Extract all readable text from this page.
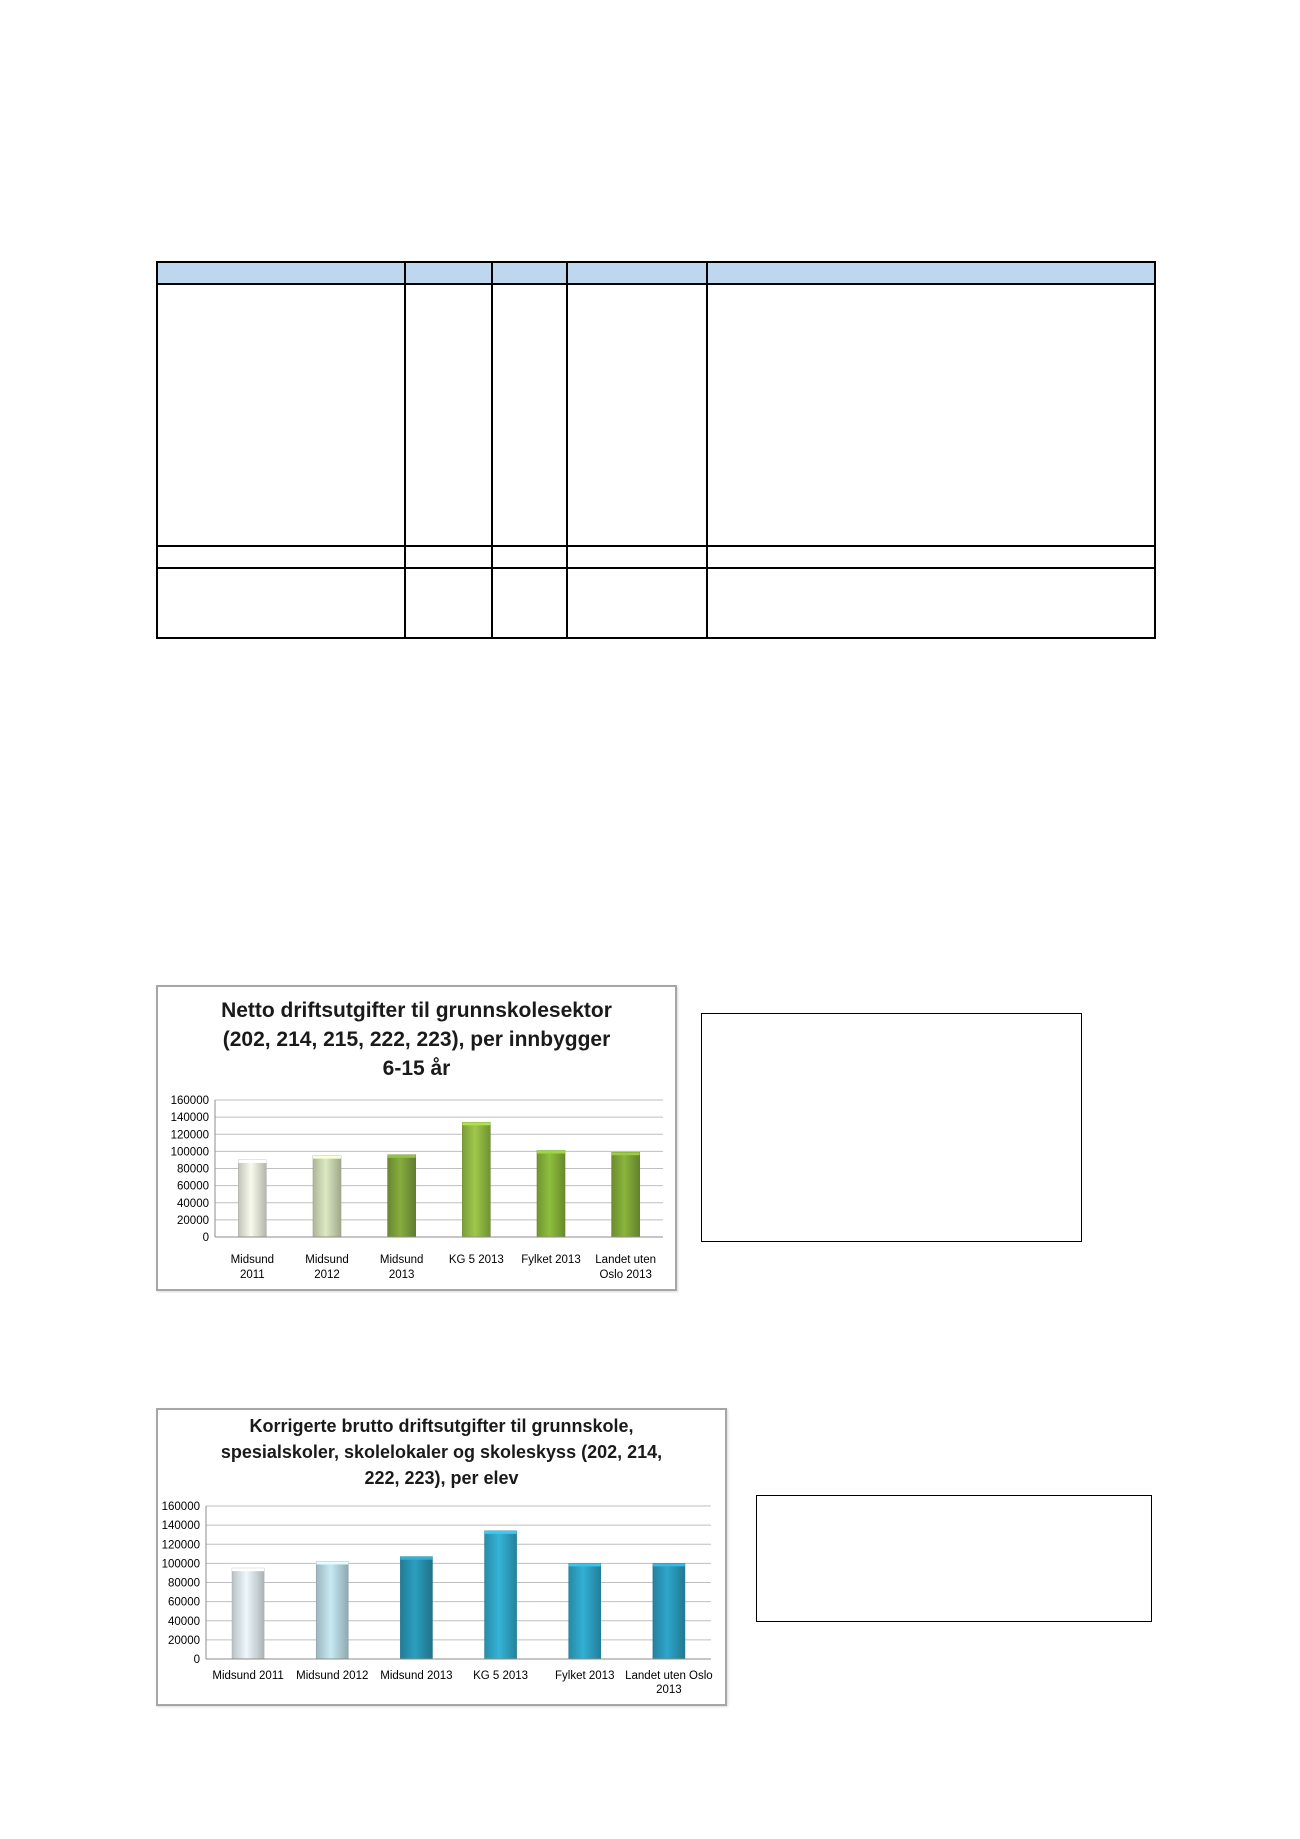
Netto driftsutgifter til grunnskolesektor
(202, 214, 215, 222, 223), per innbygger
6-15 år
0
20000
40000
60000
80000
100000
120000
140000
160000
Midsund
2011
Midsund
2012
Midsund
2013
KG 5 2013 Fylket 2013 Landet uten
Oslo 2013
Korrigerte brutto driftsutgifter til grunnskole,
spesialskoler, skolelokaler og skoleskyss (202, 214,
222, 223), per elev
0
20000
40000
60000
80000
100000
120000
140000
160000
Midsund 2011 Midsund 2012 Midsund 2013 KG 5 2013 Fylket 2013 Landet uten Oslo
2013
